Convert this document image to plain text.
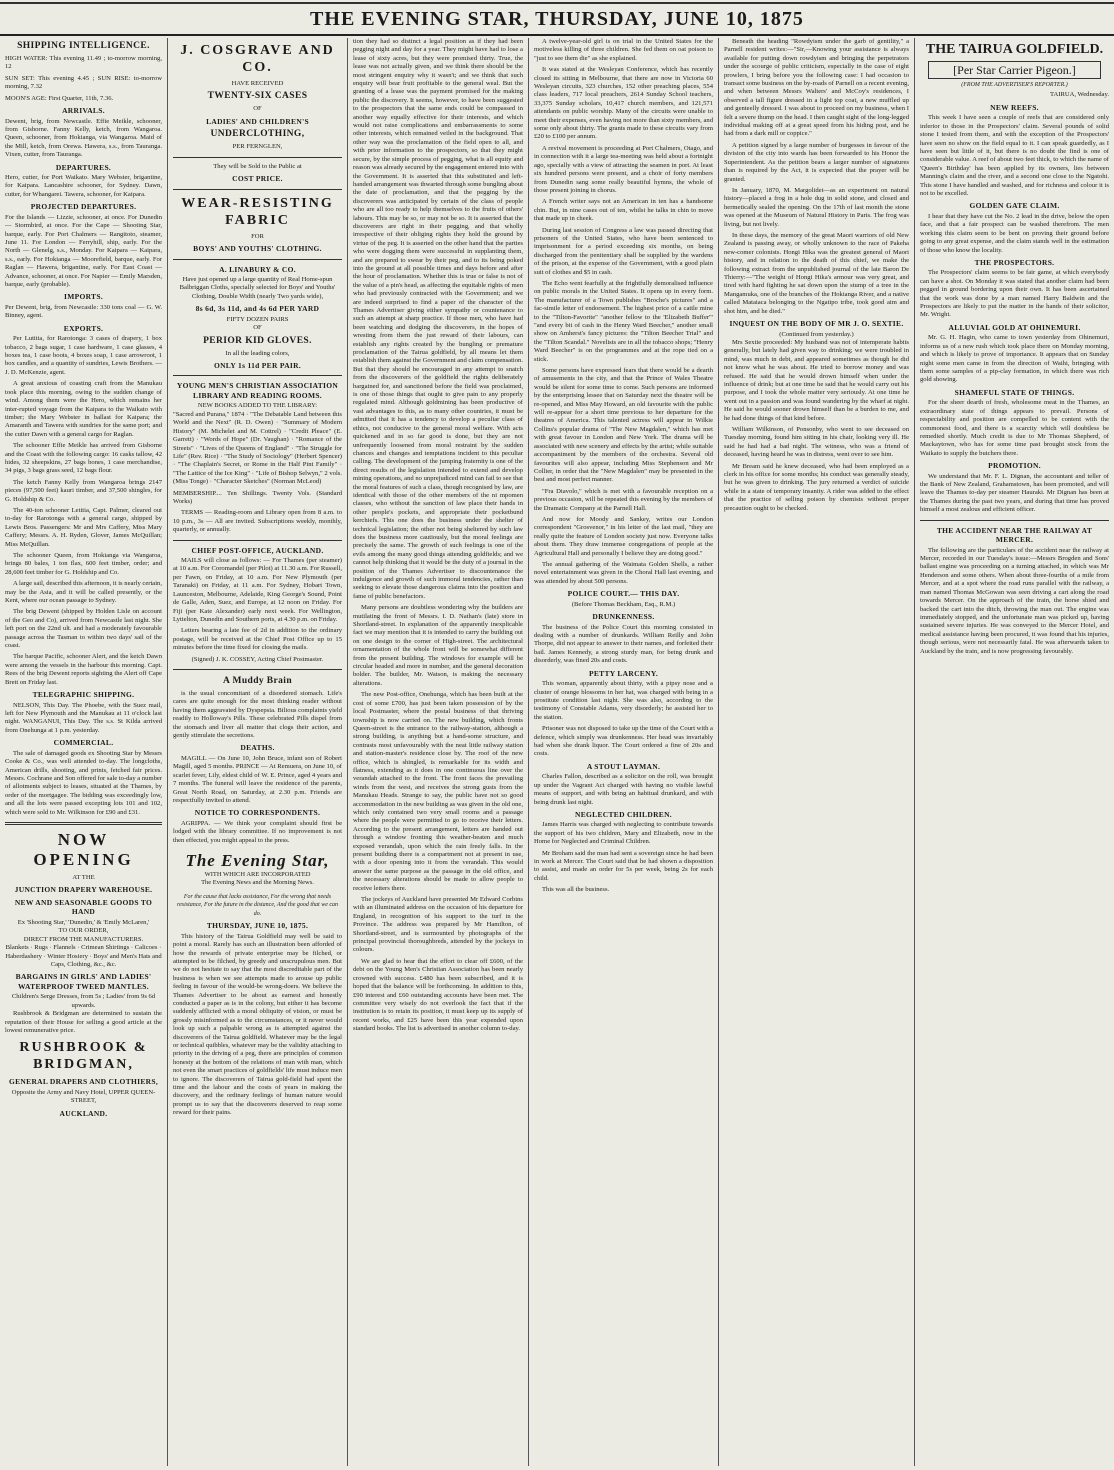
THE EVENING STAR, THURSDAY, JUNE 10, 1875
SHIPPING INTELLIGENCE.
HIGH WATER: This evening 11.49 ; to-morrow morning, 12
SUN SET: This evening 4.45 ; SUN RISE: to-morrow morning, 7.32
MOON'S AGE: First Quarter, 11th, 7.36.
ARRIVALS.
Dewent, brig, from Newcastle. Effie Meikle, schooner, from Gisborne. Fanny Kelly, ketch, from Wangaroa. Queen, schooner, from Hokianga, via Wangaroa. Maid of the Mill, ketch, from Orewa. Hawera, s.s., from Tauranga. Vixen, cutter, from Tauranga.
DEPARTURES.
Hero, cutter, for Port Waikato. Mary Webster, brigantine, for Kaipara. Lancashire schooner, for Sydney. Dawn, cutter, for Whangarei. Tawera, schooner, for Kaipara.
PROJECTED DEPARTURES.
For the Islands — Lizzie, schooner, at once. For Dunedin — Stormbird, at once. For the Cape — Shooting Star, barque, early. For Port Chalmers — Rangitoto, steamer, June 11. For London — Ferryhill, ship, early. For the North — Glenelg, s.s., Monday. For Kaipara — Kaipara, s.s., early. For Hokianga — Moorefield, barque, early. For Raglan — Hawera, brigantine, early. For East Coast — Advance, schooner, at once. For Napier — Emily Marsden, barque, early (probable).
IMPORTS.
Per Dewent, brig, from Newcastle: 330 tons coal — G. W. Binney, agent.
EXPORTS.
Per Lutitia, for Rarotonga: 3 cases of drapery, 1 box tobacco, 2 bags sugar, 1 case hardware, 1 case glasses, 4 boxes tea, 1 case boots, 4 boxes soap, 1 case arrowroot, 1 box candles, and a quantity of sundries, Lewis Brothers. — J. D. McKenzie, agent.
A great anxious of coasting craft from the Manukau took place this morning, owing to the sudden change of wind. Among them were the Hero, which remains her inter-rupted voyage from the Kaipara to the Waikato with timber; the Mary Webster in ballast for Kaipara; the Amaranth and Tawera with sundries for the same port; and the cutter Dawn with a general cargo for Raglan.
The schooner Effie Meikle has arrived from Gisborne and the Coast with the following cargo: 16 casks tallow, 42 hides, 32 sheepskins, 27 bags bones, 1 case merchandise, 34 pigs, 3 bags grass seed, 12 bags flour.
The ketch Fanny Kelly from Wangaroa brings 2147 pieces (97,500 feet) kauri timber, and 37,500 shingles, for G. Holdship & Co.
The 40-ton schooner Letitia, Capt. Palmer, cleared out to-day for Rarotonga with a general cargo, shipped by Lewis Bros. Passengers: Mr and Mrs Caffery, Miss Mary Caffery; Messrs. A. H. Ryden, Glover, James McQuillan; Miss McQuillan.
The schooner Queen, from Hokianga via Wangaroa, brings 80 bales, 1 ton flax, 600 feet timber, order; and 28,600 feet timber for G. Holdship and Co.
A large sail, described this afternoon, it is nearly certain, may be the Asia, and it will be called presently, or the Kent, where our ocean passage to Sydney.
The brig Dewent (shipped by Holden Lisle on account of the Geo and Co), arrived from Newcastle last night. She left port on the 22nd ult. and had a moderately favourable passage across the Tasman to within two days' sail of the coast.
The barque Pacific, schooner Alert, and the ketch Dawn were among the vessels in the harbour this morning. Capt. Rees of the brig Dewent reports sighting the Alert off Cape Brett on Friday last.
TELEGRAPHIC SHIPPING.
NELSON, This Day. The Phoebe, with the Suez mail, left for New Plymouth and the Manukau at 11 o'clock last night. WANGANUI, This Day. The s.s. St Kilda arrived from Onehunga at 1 p.m. yesterday.
COMMERCIAL.
The sale of damaged goods ex Shooting Star by Messrs Cooke & Co., was well attended to-day. The longcloths, American drills, shooting, and prints, fetched fair prices. Messrs. Cochrane and Son offered for sale to-day a number of allotments subject to leases, situated at the Thames, by order of the mortgagee. The bidding was exceedingly low, and all the lots were passed excepting lots 101 and 102, which were sold to Mr. Wilkinson for £90 and £31.
NOW OPENING
AT THE
JUNCTION DRAPERY WAREHOUSE.
NEW AND SEASONABLE GOODS TO HAND
Ex 'Shooting Star,' 'Dunedin,' & 'Emily McLaren,'
TO OUR ORDER,
DIRECT FROM THE MANUFACTURERS.
Blankets · Rugs · Flannels · Crimean Shirtings · Calicoes · Haberdashery · Winter Hosiery · Boys' and Men's Hats and Caps, Clothing, &c., &c.
BARGAINS IN GIRLS' AND LADIES' WATERPROOF TWEED MANTLES.
Children's Serge Dresses, from 5s ; Ladies' from 9s 6d upwards.
Rushbrook & Bridgman are determined to sustain the reputation of their House for selling a good article at the lowest remunerative price.
RUSHBROOK & BRIDGMAN,
GENERAL DRAPERS AND CLOTHIERS,
Opposite the Army and Navy Hotel, UPPER QUEEN-STREET,
AUCKLAND.
J. COSGRAVE AND CO.
HAVE RECEIVED
TWENTY-SIX CASES
OF
LADIES' AND CHILDREN'S
UNDERCLOTHING,
PER FERNGLEN,
They will be Sold to the Public at
COST PRICE.
WEAR-RESISTING FABRIC
FOR
BOYS' AND YOUTHS' CLOTHING.
A. LINABURY & CO.
Have just opened up a large quantity of Real Home-spun Balbriggan Cloths, specially selected for Boys' and Youths' Clothing, Double Width (nearly Two yards wide),
8s 6d, 3s 11d, and 4s 6d PER YARD
FIFTY DOZEN PAIRS
OF
PERIOR KID GLOVES.
In all the leading colors,
ONLY 1s 11d PER PAIR.
YOUNG MEN'S CHRISTIAN ASSOCIATION LIBRARY AND READING ROOMS.
NEW BOOKS ADDED TO THE LIBRARY:
"Sacred and Purana," 1874 · "The Debatable Land between this World and the Next" (R. D. Owen) · "Summary of Modern History" (M. Michelet and M. Cottrel) · "Credit Pleace" (E. Garrett) · "Words of Hope" (Dr. Vaughan) · "Romance of the Streets" · "Lives of the Queens of England" · "The Struggle for Life" (Rev. Rice) · "The Study of Sociology" (Herbert Spencer) · "The Chaplain's Secret, or Rome in the Half Pint Family" · "The Lattice of the Ice King" · "Life of Bishop Selwyn," 2 vols. (Miss Tonge) · "Character Sketches" (Norman McLeod)
MEMBERSHIP.... Ten Shillings. Twenty Vols. (Standard Works)
TERMS — Reading-room and Library open from 8 a.m. to 10 p.m., 3s — All are invited. Subscriptions weekly, monthly, quarterly, or annually.
CHIEF POST-OFFICE, AUCKLAND.
MAILS will close as follows: — For Thames (per steamer) at 10 a.m. For Coromandel (per Pilot) at 11.30 a.m. For Russell, per Fawn, on Friday, at 10 a.m. For New Plymouth (per Taranaki) on Friday, at 11 a.m. For Sydney, Hobart Town, Launceston, Melbourne, Adelaide, King George's Sound, Point de Galle, Aden, Suez, and Europe, at 12 noon on Friday. For Fiji (per Kate Alexander) early next week. For Wellington, Lyttelton, Dunedin and Southern ports, at 4.30 p.m. on Friday.
Letters bearing a late fee of 2d in addition to the ordinary postage, will be received at the Chief Post Office up to 15 minutes before the time fixed for closing the mails.
(Signed) J. K. COSSEY, Acting Chief Postmaster.
A Muddy Brain
is the usual concomitant of a disordered stomach. Life's cares are quite enough for the most thinking reader without having them aggravated by Dyspepsia. Bilious complaints yield readily to Holloway's Pills. These celebrated Pills dispel from the stomach and liver all matter that clogs their action, and gently stimulate the secretions.
DEATHS.
MAGILL — On June 10, John Bruce, infant son of Robert Magill, aged 5 months. PRINCE — At Remuera, on June 10, of scarlet fever, Lily, eldest child of W. E. Prince, aged 4 years and 7 months. The funeral will leave the residence of the parents, Great North Road, on Saturday, at 2.30 p.m. Friends are respectfully invited to attend.
NOTICE TO CORRESPONDENTS.
AGRIPPA. — We think your complaint should first be lodged with the library committee. If no improvement is not then effected, you might appeal to the press.
The Evening Star,
WITH WHICH ARE INCORPORATED
The Evening News and the Morning News.
For the cause that lacks assistance, For the wrong that needs resistance, For the future in the distance, And the good that we can do.
THURSDAY, JUNE 10, 1875.
This history of the Tairua Goldfield may well be said to point a moral. Rarely has such an illustration been afforded of how the rewards of private enterprise may be filched, or attempted to be filched, by greedy and unscrupulous men. But we do not hesitate to say that the most discreditable part of the business is when we see attempts made to arouse up public feeling in favour of the would-be wrong-doers. We believe the Thames Advertiser to be about as earnest and honestly conducted a paper as is in the colony, but either it has become suddenly afflicted with a moral obliquity of vision, or must be grossly misinformed as to the circumstances, or it never would look up such a palpable wrong as is attempted against the discoverers of the Tairua goldfield. Whatever may be the legal or technical quibbles, whatever may be the validity attaching to priority in the driving of a peg, there are principles of common honesty at the bottom of the relations of man with man, which not even the smart practices of goldfields' life must induce men to ignore. The discoverers of Tairua gold-field had spent the time and the labour and the costs of years in making the discovery, and the ordinary feelings of human nature would prompt us to say that the discoverers deserved to reap some reward for their pains.
tion they had so distinct a legal position as if they had been pegging night and day for a year. They might have had to lose a lease of sixty acres, but they were promised thirty. True, the lease was not actually given, and we think there should be the most stringent enquiry why it wasn't; and we think that such enquiry will bear fruit profitable to the general weal. But the granting of a lease was the payment promised for the making public the discovery. It seems, however, to have been suggested to the prospectors that the same ends could be compassed in another way equally effective for their interests, and which would not raise complications and embarrassments to some other interests, which remained veiled in the background. That other way was the proclamation of the field open to all, and with prior information to the prospectors, so that they might secure, by the simple process of pegging, what is all equity and reason was already secured by the engagement entered into with the Government. It is asserted that this substituted and left-handed arrangement was thwarted through some bungling about the date of proclamation, and that the pegging by the discoverers was anticipated by certain of the class of people who are all too ready to help themselves to the fruits of others' labours. This may be so, or may not be so. It is asserted that the discoverers are right in their pegging, and that wholly irrespective of their obliging rights they hold the ground by virtue of the peg. It is asserted on the other hand that the parties who were dogging them were successful in supplanting them, and are prepared to swear by their peg, and to its being poked into the ground at all possible times and days before and after the hour of proclamation. Whether this is true or false is not of the value of a pin's head, as affecting the equitable rights of men who had previously contracted with the Government; and we are indeed surprised to find a paper of the character of the Thames Advertiser giving either sympathy or countenance to such an attempt at sharp practice. If those men, who have had been watching and dodging the discoverers, in the hopes of wresting from them the just reward of their labours, can establish any rights created by the bungling or premature proclamation of the Tairua goldfield, by all means let them establish them against the Government and claim compensation. But that they should be encouraged in any attempt to snatch from the discoverers of the goldfield the rights deliberately bargained for, and sanctioned before the field was proclaimed, is one of those things that ought to give pain to any properly regulated mind. Although goldmining has been productive of vast advantages to this, as to many other countries, it must be admitted that it has a tendency to develop a peculiar class of ethics, not conducive to the general moral welfare. With acts quickened and in so far good is done, but they are not unfrequently loosened from moral restraint by the sudden chances and changes and temptations incident to this peculiar calling. The development of the jumping fraternity is one of the direct results of the legislation intended to extend and develop mining operations, and no unprejudiced mind can fail to see that the moral features of such a class, though recognised by law, are identical with those of the other members of the ni mpomen classes, who without the sanction of law place their hands in other people's pockets, and appropriate their pocketbund kerchiefs. This one does the business under the shelter of technical legislation; the other not being sheltered by such law does the business more cautiously, but the moral feelings are precisely the same. The growth of such feelings is one of the evils among the many good things attending goldfields; and we cannot help thinking that it would be the duty of a journal in the position of the Thames Advertiser to discountenance the indulgence and growth of such immoral tendencies, rather than seeking to elevate those dangerous claims into the position and fame of public benefactors.
Many persons are doubtless wondering why the builders are mutilating the front of Messrs. I. D. Nathan's (late) store in Shortland-street. In explanation of the apparently inexplicable fact we may mention that it is intended to carry the building out on one design to the corner of High-street. The architectural ornamentation of the whole front will be somewhat different from the present building. The windows for example will be circular headed and more in number, and the general decoration bolder. The builder, Mr. Watson, is making the necessary alterations.
The new Post-office, Onehunga, which has been built at the cost of some £700, has just been taken possession of by the local Postmaster, where the postal business of that thriving township is now carried on. The new building, which fronts Queen-street is the entrance to the railway-station, although a strong building, is anything but a hand-some structure, and contrasts most unfavourably with the neat little railway station and station-master's residence close by. The roof of the new office, which is shingled, is remarkable for its width and flatness, extending as it does in one continuous line over the verandah attached to the front. The front faces the prevailing winds from the west, and receives the strong gusts from the Manukau Heads. Strange to say, the public have not so good accommodation in the new building as was given in the old one, which only contained two very small rooms and a passage where the people were permitted to go to receive their letters. According to the present arrangement, letters are handed out through a window fronting this weather-beaten and much exposed verandah, upon which the rain freely falls. In the present building there is a compartment not at present in use, with a door opening into it from the verandah. This would answer the same purpose as the passage in the old office, and the necessary alterations should be made to allow people to receive letters there.
The jockeys of Auckland have presented Mr Edward Corbins with an illuminated address on the occasion of his departure for England, in recognition of his support to the turf in the Province. The address was prepared by Mr Hamilton, of Shortland-street, and is surmounted by photographs of the principal provincial thoroughbreds, attended by the jockeys in colours.
We are glad to hear that the effort to clear off £600, of the debt on the Young Men's Christian Association has been nearly crowned with success. £480 has been subscribed, and it is hoped that the balance will be forthcoming. In addition to this, £90 interest and £60 outstanding accounts have been met. The committee very wisely do not overlook the fact that if the institution is to retain its position, it must keep up its supply of recent works, and £25 have been this year expended upon standard books. The list is advertised in another column to-day.
A twelve-year-old girl is on trial in the United States for the motiveless killing of three children. She fed them on oat poison to "just to see them die" as she explained.
It was stated at the Wesleyan Conference, which has recently closed its sitting in Melbourne, that there are now in Victoria 60 Wesleyan circuits, 323 churches, 152 other preaching places, 554 class leaders, 717 local preachers, 2614 Sunday School teachers, 33,375 Sunday scholars, 10,417 church members, and 121,571 attendants on public worship. Many of the circuits were unable to meet their expenses, even having not more than sixty members, and some only about thirty. The grants made to these circuits vary from £20 to £100 per annum.
A revival movement is proceeding at Port Chalmers, Otago, and in connection with it a large tea-meeting was held about a fortnight ago, specially with a view of attracting the seamen in port. At least six hundred persons were present, and a choir of forty members from Dunedin sang some really beautiful hymns, the whole of those present joining in chorus.
A French writer says not an American in ten has a handsome chin. But, in nine cases out of ten, whilst he talks in chin to move that made up in cheek.
During last session of Congress a law was passed directing that prisoners of the United States, who have been sentenced to imprisonment for a period exceeding six months, on being discharged from the penitentiary shall be supplied by the wardens of the prison, at the expense of the Government, with a good plain suit of clothes and $5 in cash.
The Echo went fearfully at the frightfully demoralised influence on public morals in the United States. It opens up in every form. The manufacturer of a Town publishes "Broche's pictures" and a fac-simile letter of endorsement. The highest price of a cattle mine to the "Tilton-Favorite" "another fellow to the 'Elizabeth Buffer'" "and every bit of cash in the Henry Ward Beecher," another small show on Amherst's fancy pictures: the "Tilton Beecher Trial" and the "Tilton Scandal." Novelists are in all the tobacco shops; "Henry Ward Beecher" is on the programmes and at the rope tied on a stick.
Some persons have expressed fears that there would be a dearth of amusements in the city, and that the Prince of Wales Theatre would be silent for some time to come. Such persons are informed by the enterprising lessee that on Saturday next the theatre will be re-opened, and Miss May Howard, an old favourite with the public will re-appear for a short time previous to her departure for the theatres of America. This talented actress will appear in Wilkie Collins's popular drama of "The New Magdalen," which has met with great favour in London and New York. The drama will be associated with new scenery and effects by the artist; while suitable accompaniment by the members of the orchestra. Several old favourites will also appear, including Miss Stephenson and Mr Collier, in order that the "New Magdalen" may be presented in the best and most perfect manner.
"Fra Diavolo," which is met with a favourable reception on a previous occasion, will be repeated this evening by the members of the Dramatic Company at the Parnell Hall.
And now for Moody and Sankey, writes our London correspondent "Grosvenor," in his letter of the last mail, "they are really quite the feature of London society just now. Everyone talks about them. They draw immense congregations of people at the Agricultural Hall and personally I believe they are doing good."
The annual gathering of the Waimata Golden Shells, a rather novel entertainment was given in the Choral Hall last evening, and was attended by about 500 persons.
POLICE COURT.— THIS DAY.
(Before Thomas Beckham, Esq., R.M.)
DRUNKENNESS.
The business of the Police Court this morning consisted in dealing with a number of drunkards. William Reilly and John Thorpe, did not appear to answer to their names, and forfeited their bail. James Kennedy, a strong sturdy man, for being drunk and disorderly, was fined 20s and costs.
PETTY LARCENY.
This woman, apparently about thirty, with a pipsy nose and a cluster of orange blossoms in her hat, was charged with being in a prostitute condition last night. She was also, according to the testimony of Constable Adams, very disorderly; he assisted her to the station.
Prisoner was not disposed to take up the time of the Court with a defence, which simply was drunkenness. Her head was invariably bad when she drank liquor. The Court ordered a fine of 20s and costs.
A STOUT LAYMAN.
Charles Fallon, described as a solicitor on the roll, was brought up under the Vagrant Act charged with having no visible lawful means of support, and with being an habitual drunkard, and with being drunk last night.
NEGLECTED CHILDREN.
James Harris was charged with neglecting to contribute towards the support of his two children, Mary and Elizabeth, now in the Home for Neglected and Criminal Children.
Mr Broham said the man had sent a sovereign since he had been in work at Mercer. The Court said that he had shown a disposition to assist, and made an order for 5s per week, being 2s for each child.
This was all the business.
Beneath the heading "Rowdyism under the garb of gentility," a Parnell resident writes:—"Sir,—Knowing your assistance is always available for putting down rowdyism and bringing the perpetrators under the scourge of public criticism, especially in the case of eight prowlers, I bring before you the following case: I had occasion to transact some business on the by-roads of Parnell on a recent evening, and when between Messrs Walters' and McCoy's residences, I observed a tall figure dressed in a light top coat, a new muffled up and genteelly dressed. I was about to proceed on my business, when I felt a severe thump on the head. I then caught sight of the long-legged individual making off at a great speed from his hiding post, and he had from a dark mill or coppice."
A petition signed by a large number of burgesses in favour of the division of the city into wards has been forwarded to his Honor the Superintendent. As the petition bears a larger number of signatures than is required by the Act, it is expected that the prayer will be granted.
In January, 1870, M. Margolidet—as an experiment on natural history—placed a frog in a hole dug in solid stone, and closed and hermetically sealed the opening. On the 17th of last month the stone was opened at the Museum of Natural History in Paris. The frog was living, but not lively.
In these days, the memory of the great Maori warriors of old New Zealand is passing away, or wholly unknown to the race of Pakeha new-comer colonists. Hongi Hika was the greatest general of Maori history, and in relation to the death of this chief, we make the following extract from the unpublished journal of the late Baron De Thierry:—"The weight of Hongi Hika's armour was very great, and tired with hard fighting he sat down upon the stump of a tree in the Mangamuka, one of the branches of the Hokianga River, and a native called Mataiaca belonging to the Ngatipo tribe, took good aim and shot him, and he died."
INQUEST ON THE BODY OF MR J. O. SEXTIE.
(Continued from yesterday.)
Mrs Sextie proceeded: My husband was not of intemperate habits generally, but lately had given way to drinking; we were troubled in mind, was much in debt, and appeared sometimes as though he did not know what he was about. He tried to borrow money and was refused. He said that he would drown himself when under the influence of drink; but at one time he said that he would carry out his purpose, and I took the whole matter very seriously. At one time he went out in a passion and was found wandering by the wharf at night. He said he would sooner drown himself than be a burden to me, and he had done things of that kind before.
William Wilkinson, of Ponsonby, who went to see deceased on Tuesday morning, found him sitting in his chair, looking very ill. He said he had had a bad night. The witness, who was a friend of deceased, having heard he was in distress, went over to see him.
Mr Bream said he knew deceased, who had been employed as a clerk in his office for some months; his conduct was generally steady, but he was given to drinking. The jury returned a verdict of suicide while in a state of temporary insanity. A rider was added to the effect that the practice of selling poison by chemists without proper precaution ought to be checked.
THE TAIRUA GOLDFIELD.
[Per Star Carrier Pigeon.]
(FROM THE ADVERTISER'S REPORTER.)
TAIRUA, Wednesday.
NEW REEFS.
This week I have seen a couple of reefs that are considered only inferior to those in the Prospectors' claim. Several pounds of solid stone I tested from them, and with the exception of the Prospectors' have seen no show on the field equal to it. I can speak guardedly, as I have seen but little of it, but there is no doubt the find is one of considerable value. A reef of about two feet thick, to which the name of 'Queen's Birthday' has been applied by its owners, lies between Manning's claim and the river, and a second one close to the Ngatohi. This stone I have handled and washed, and for richness and colour it is not to be excelled.
GOLDEN GATE CLAIM.
I hear that they have cut the No. 2 lead in the drive, below the open face, and that a fair prospect can be washed therefrom. The men working this claim seem to be bent on proving their ground before going to any great expense, and the claim stands well in the estimation of those who know the locality.
THE PROSPECTORS.
The Prospectors' claim seems to be fair game, at which everybody can have a shot. On Monday it was stated that another claim had been pegged in ground bordering upon their own. It has been ascertained that the work was done by a man named Harry Baldwin and the Prospectors are likely to put the matter in the hands of their solicitor, Mr. Wright.
ALLUVIAL GOLD AT OHINEMURI.
Mr. G. H. Hagin, who came to town yesterday from Ohinemuri, informs us of a new rush which took place there on Monday morning, and which is likely to prove of importance. It appears that on Sunday night some men came in from the direction of Waihi, bringing with them some samples of a pip-clay formation, in which there was rich gold showing.
SHAMEFUL STATE OF THINGS.
For the sheer dearth of fresh, wholesome meat in the Thames, an extraordinary state of things appears to prevail. Persons of respectability and position are compelled to be content with the commonest food, and there is a scarcity which will doubtless be remedied shortly. Much credit is due to Mr Thomas Shepherd, of Mackaytown, who has for some time past brought stock from the Waikato to supply the butchers there.
PROMOTION.
We understand that Mr. F. L. Dignan, the accountant and teller of the Bank of New Zealand, Grahamstown, has been promoted, and will leave the Thames to-day per steamer Hauraki. Mr Dignan has been at the Thames during the past two years, and during that time has proved himself a most zealous and efficient officer.
THE ACCIDENT NEAR THE RAILWAY AT MERCER.
The following are the particulars of the accident near the railway at Mercer, recorded in our Tuesday's issue:—Messrs Brogden and Sons' ballast engine was proceeding on a turning attached, in which was Mr Henderson and some others. When about three-fourths of a mile from Mercer, and at a spot where the road runs parallel with the railway, a man named Thomas McGowan was seen driving a cart along the road towards Mercer. On the approach of the train, the horse shied and backed the cart into the ditch, throwing the man out. The engine was immediately stopped, and the unfortunate man was picked up, having sustained severe injuries. He was conveyed to the Mercer Hotel, and medical assistance having been procured, it was found that his injuries, though serious, were not necessarily fatal. He was afterwards taken to Auckland by the train, and is now progressing favourably.
